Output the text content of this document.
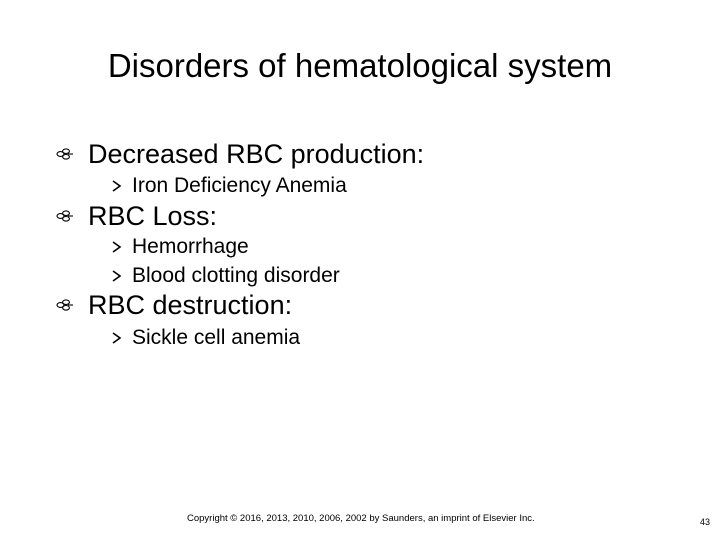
Disorders of hematological system
Decreased RBC production:
Iron Deficiency Anemia
RBC Loss:
Hemorrhage
Blood clotting disorder
RBC destruction:
Sickle cell anemia
Copyright © 2016, 2013, 2010, 2006, 2002 by Saunders, an imprint of Elsevier Inc.	43
